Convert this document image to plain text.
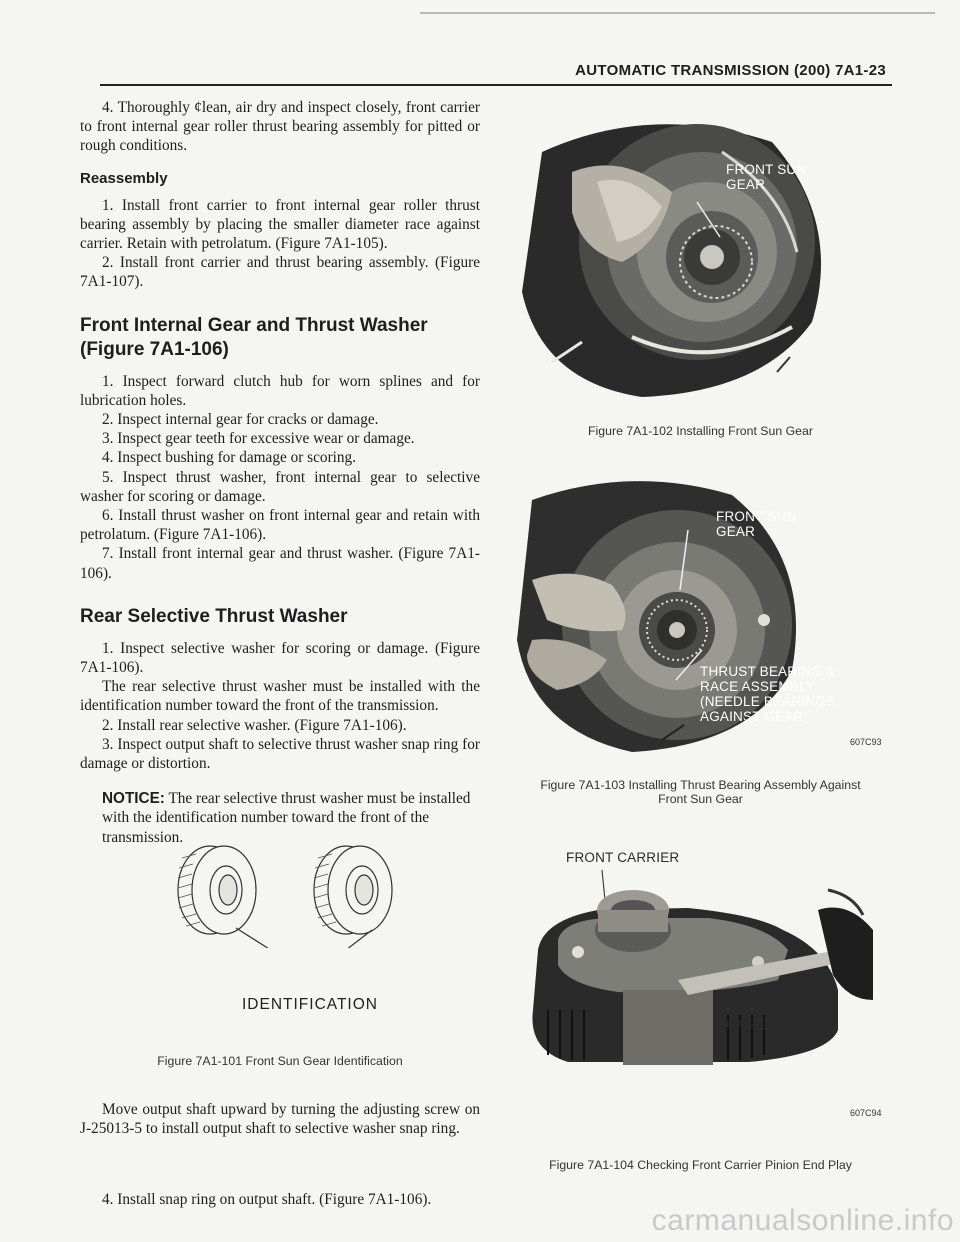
AUTOMATIC TRANSMISSION (200) 7A1-23

4. Thoroughly ¢lean, air dry and inspect closely, front carrier to front internal gear roller thrust bearing assembly for pitted or rough conditions.

Reassembly

1. Install front carrier to front internal gear roller thrust bearing assembly by placing the smaller diameter race against carrier. Retain with petrolatum. (Figure 7A1-105).

2. Install front carrier and thrust bearing assembly. (Figure 7A1-107).

Front Internal Gear and Thrust Washer
(Figure 7A1-106)

1. Inspect forward clutch hub for worn splines and for lubrication holes.

2. Inspect internal gear for cracks or damage.

3. Inspect gear teeth for excessive wear or damage.

4. Inspect bushing for damage or scoring.

5. Inspect thrust washer, front internal gear to selective washer for scoring or damage.

6. Install thrust washer on front internal gear and retain with petrolatum. (Figure 7A1-106).

7. Install front internal gear and thrust washer. (Figure 7A1-106).

Rear Selective Thrust Washer

1. Inspect selective washer for scoring or damage. (Figure 7A1-106).

The rear selective thrust washer must be installed with the identification number toward the front of the transmission.

2. Install rear selective washer. (Figure 7A1-106).

3. Inspect output shaft to selective thrust washer snap ring for damage or distortion.

NOTICE: The rear selective thrust washer must be installed with the identification number toward the front of the transmission.

IDENTIFICATION
Figure 7A1-101 Front Sun Gear Identification

Move output shaft upward by turning the adjusting screw on J-25013-5 to install output shaft to selective washer snap ring.

4. Install snap ring on output shaft. (Figure 7A1-106).

FRONT SUN
GEAR
Figure 7A1-102 Installing Front Sun Gear
FRONT SUN
GEAR
THRUST BEARING &
RACE ASSEMBLY
(NEEDLE BEARINGS
AGAINST GEAR)
607C93
Figure 7A1-103 Installing Thrust Bearing Assembly Against
Front Sun Gear
FRONT CARRIER
FEELER
GAGE
607C94
Figure 7A1-104 Checking Front Carrier Pinion End Play
carmanualsonline.info
